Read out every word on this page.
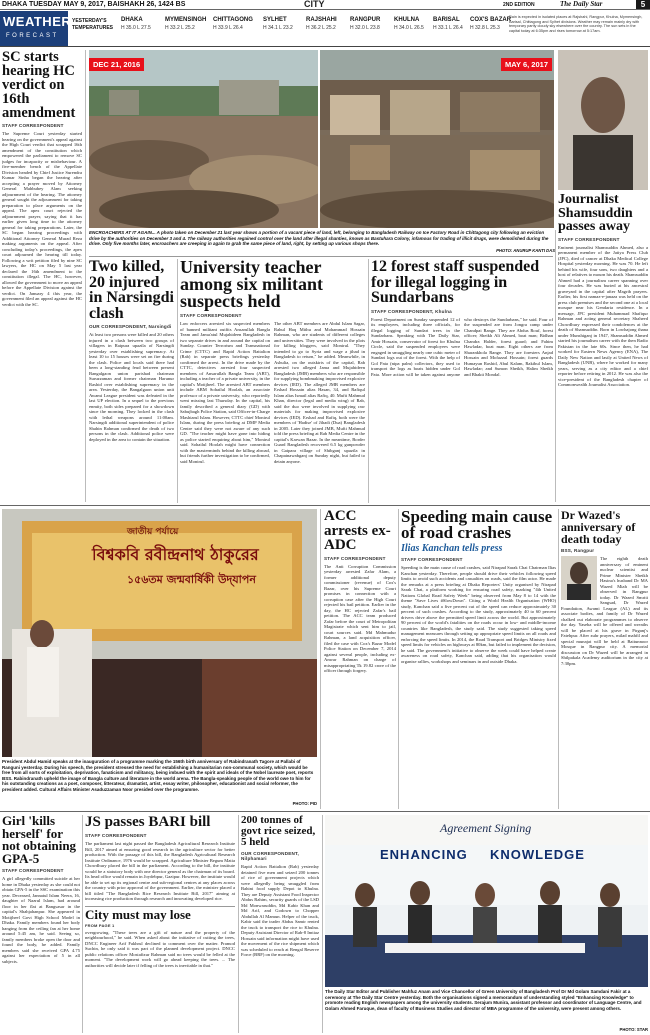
DHAKA TUESDAY MAY 9, 2017, BAISHAKH 26, 1424 BS	CITY	2ND EDITION	The Daily Star	5
WEATHER
FORECAST
YESTERDAY'S
TEMPERATURES
DHAKA
H 35.0 L 27.5
MYMENSINGH
H 33.2 L 25.2
CHITTAGONG
H 33.9 L 26.4
SYLHET
H 34.1 L 23.2
RAJSHAHI
H 36.2 L 25.2
RANGPUR
H 32.0 L 23.8
KHULNA
H 34.0 L 26.5
BARISAL
H 33.1 L 26.4
COX'S BAZAR
H 32.8 L 25.3
Rain is expected in isolated places at Rajshahi, Rangpur, Khulna, Mymensingh, Barisal, Chittagong and Sylhet divisions. Weather may remain mainly dry with temporary partly cloudy sky elsewhere over the country. The sun sets in the capital today at 6:35pm and rises tomorrow at 5:17am.
SC starts hearing HC verdict on 16th amendment
STAFF CORRESPONDENT
The Supreme Court yesterday started hearing on the government's appeal against the High Court verdict that scrapped 16th amendment of the constitution which empowered the parliament to remove SC judges for incapacity or misbehaviour. A five-member bench of the Appellate Division headed by Chief Justice Surendra Kumar Sinha began the hearing after accepting a prayer moved by Attorney General Mahbubey Alam seeking adjournment of the hearing. The attorney general sought the adjournment for taking preparation to place arguments on the appeal. The apex court rejected the adjournment prayer, saying that it has earlier given long time to the attorney general for taking preparations. Later, the SC began hearing proceedings with Additional Attorney General Murad Reza making arguments on the appeal. After concluding today's proceedings, the apex court adjourned the hearing till today. Following a writ petition filed by nine SC lawyers, the HC on May 5 last year declared the 16th amendment to the constitution illegal. The HC, however, allowed the government to move an appeal before the Appellate Division against the verdict. On January 4 this year, the government filed an appeal against the HC verdict with the SC.
DEC 21, 2016	MAY 6, 2017
ENCROACHERS AT IT AGAIN... A photo taken on December 21 last year shows a portion of a vacant piece of land, left, belonging to Bangladesh Railway on Ice Factory Road in Chittagong city following an eviction drive by the authorities on December 3 and 4. The railway authorities regained control over the land after illegal shanties, known as Bastuhara Colony, infamous for trading of illicit drugs, were demolished during the drive. Only five months later, encroachers are creeping in again to grab the same piece of land, right, by setting up various shops there.
PHOTO: ANURUP KANTI DAS
Journalist Shamsuddin passes away
STAFF CORRESPONDENT
Eminent journalist Shamsuddin Ahmed, also a permanent member of the Jatiya Press Club (JPC), died of cancer at Dhaka Medical College Hospital yesterday morning. He was 70. He left behind his wife, four sons, two daughters and a host of relatives to mourn his death. Shamsuddin Ahmed had a journalism career spanning over four decades. He was buried at his ancestral graveyard in the capital after Magrib prayers. Earlier, his first namaz-e-janaza was held on the press club premises and the second one at a local mosque near his Gendaria residence. In a message, JPC president Muhammad Shafiqur Rahman and acting general secretary Shaheed Chowdhury expressed their condolences at the death of Shamsuddin. Born in Lowhajong thana under Munshiganj in 1947, Shamsuddin Ahmed started his journalism career with the then Radio Pakistan in the late 60s. Since then, he had worked for Eastern News Agency (ENA), The Daily New Nation and lastly at United News of Bangladesh (UNB), where he worked for many years, serving as a city editor and a chief reporter before retiring in 2012. He was also the vice-president of the Bangladesh chapter of Commonwealth Journalist Association.
Two killed, 20 injured in Narsingdi clash
OUR CORRESPONDENT, Narsingdi
At least two persons were killed and 20 others injured in a clash between two groups of villagers in Raipura upazila of Narsingdi yesterday over establishing supremacy. At least 10 to 15 houses were set on fire during the clash. Police and locals said there had been a long-standing feud between present Bangalgaon union parishad chairman Suruzzaman and former chairman Harunur Rashid over establishing supremacy in the area. Yesterday, the Bangalgaon union unit Awami League president was defeated in the last UP election. In a sequel to the previous enmity, both sides prepared for a showdown since the morning. They locked in the clash with lethal weapons around 11:00am. Narsingdi additional superintendent of police Shahin Rahman confirmed the death of two persons in the clash. Additional police were deployed in the area to contain the situation.
University teacher among six militant suspects held
STAFF CORRESPONDENT
Law enforcers arrested six suspected members of banned militant outfits Ansarullah Bangla Team and Jama'atul Mujahideen Bangladesh in two separate drives in and around the capital on Sunday. Counter Terrorism and Transnational Crime (CTTC) and Rapid Action Battalion (Rab) in separate press briefings yesterday confirmed the arrest. In the drive made by the CTTC, detectives arrested four suspected members of Ansarullah Bangla Team (ABT), including a teacher of a private university, in the capital's Motijheel. The arrested ABT members include ABM Sohailul Hoolah, an associate professor of a private university, who reportedly went missing last Thursday. In the capital, his family described a general diary (GD) with Sabujbagh Police Station, said Officer-in-Charge Mashiarul Islam. However, CTTC chief Monirul Islam, during the press briefing at DMP Media Centre said they were not aware of any such GD. "The teacher might have gone into hiding as police started enquiring about him," Monirul said. Sohailul Hoolah might have connection with the masterminds behind the killing abroad, but friends further investigation to be confirmed, said Monirul.
The other ABT members are Abdul Islam Sagar, Rahul Haq Mithu and Mohammad Hossain Rahman, who are students of different colleges and universities. They were involved in the plots for killing bloggers, said Monirul. "They intended to go to Syria and wage a jihad in Bangladesh to return," he added. Meanwhile, in Ashulia, on the outskirts of the capital, Rab arrested two alleged Jama and Mujahideen Bangladesh (JMB) members who are responsible for supplying bombmaking improvised explosive devices (IED). The alleged JMB members are Ershad Hossain alias Hasan, 34, and Rafiqul Islam alias Ismail alias Rafiq, 40. Mufti Mahmud Khan, director (legal and media wing) of Rab, said the duo were involved in supplying raw materials for making improvised explosive devices (IED). Ershad and Rafiq, both were the members of 'Hadise' of Jihadi (Dua) Bangladesh in 2005. Later they joined JMB, Mufti Mahmud told the press briefing at Rab Media Centre in the capital's Karwan Bazar. In the meantime, Border Guard Bangladesh recovered 6.5 kg gunpowder in Gaipara village of Shibganj upazila in Chapainawabganj on Sunday night, but failed to detain anyone.
12 forest staff suspended for illegal logging in Sundarbans
STAFF CORRESPONDENT, Khulna
Forest Department on Sunday suspended 12 of its employees, including three officials, for illegal logging of Sundari trees in the Sundarbans. Speaking with The Daily Star, Amir Hossain, conservator of forest for Khulna Circle, said the suspended employees were engaged in smuggling nearly one cubic meter of Sundari logs out of the forest. With the help of Gol Pata (nipa palm) collectors, they used to transport the logs as boats hidden under Gol Pata. More action will be taken against anyone who destroys the Sundarbans," he said. Four of the suspended are from Jongra camp under Chandpai Range. They are Abdus Rouf, forest officer; Sheikh Ali Ahmed, boat man; Bidhan Chandra Halder, forest guard; and Fahim Hawladar, boat man. Eight others are from Sharankhola Range. They are foresters Anjad Hossain and Mofazzal Hossain; forest guards Humayun Rashid, Abul Kalam, Rakibul Islam, Hawladar; and Sumon Sheikh, Halim Sheikh and Bhakti Mondal.
জাতীয় পর্যায়ে
বিশ্বকবি রবীন্দ্রনাথ ঠাকুরের
১৫৬তম জন্মবার্ষিকী উদ্‌যাপন
President Abdul Hamid speaks at the inauguration of a programme marking the 156th birth anniversary of Rabindranath Tagore at Pallabi of Ranguni yesterday. During his speech, the president stressed the need for establishing a humanitarian non-communal society, which would be free from all sorts of exploitation, deprivation, fanaticism and militancy, being imbued with the spirit and ideals of the Nobel laureate poet, reports BSS. Rabindranath upheld the image of Bangla culture and literature in the world arena. The Bangla-speaking people of the world owe to him for his outstanding creations as a poet, composer, litterateur, dramatist, artist, essay writer, philosopher, educationist and social reformer, the president added. Cultural Affairs Minister Asaduzzaman Noor presided over the programme.
PHOTO: PID
ACC arrests ex-ADC
STAFF CORRESPONDENT
The Anti Corruption Commission yesterday arrested Zafar Alam, a former additional deputy commissioner (revenue) of Cox's Bazar, over his Supreme Court promises in connection with a corruption case after the High Court rejected his bail petition. Earlier in the day, the HC rejected Zafar's bail petition. The ACC team produced Zafar before the court of Metropolitan Magistrate which sent him to jail, court sources said. Md Mahmudur Rahman, a land acquisition officer, filed the case with Cox's Bazar Model Police Station on December 7, 2014 against several people, including ex-Anwar Rahman on charge of misappropriating Tk 19.82 crore of the officer through forgery.
Speeding main cause of road crashes
Ilias Kanchan tells press
STAFF CORRESPONDENT
Speeding is the main cause of road crashes, said Nirapad Sarak Chai Chairman Ilias Kanchan yesterday. Therefore, people should drive their vehicles following speed limits to avoid such accidents and casualties on roads, said the film actor. He made the remarks at a press briefing at Dhaka Reporters' Unity organised by Nirapad Sarak Chai, a platform working for ensuring road safety, marking "4th United Nations Global Road Safety Week" being observed from May 8 to 14 with the theme "Save Lives #SlowDown". Citing a World Health Organisation (WHO) study, Kanchan said a five percent cut of the speed can reduce approximately 30 percent of such crashes. According to the study, approximately 40 to 60 percent drivers drive above the permitted speed limit across the world. But approximately 90 percent of the world's fatalities on the roads occur in low- and middle-income countries like Bangladesh, the study said. The study suggested taking speed management measures through setting up appropriate speed limits on all roads and enforcing the speed limits. In 2014, the Road Transport and Bridges Ministry fixed speed limits for vehicles on highways at 80km, but failed to implement the decision, he said. The government's initiative to observe the week could have helped create awareness on road safety, Kanchan said, adding that his organisation would organise rallies, workshops and seminars in and outside Dhaka.
Dr Wazed's anniversary of death today
BSS, Rangpur
The eighth death anniversary of eminent nuclear scientist and Prime Minister Sheikh Hasina's husband Dr MA Wazed Miah will be observed in Rangpur today. Dr Wazed Smriti Sangsad, Dr Wazed Foundation, Awami League (AL) and its associate bodies, and family of Dr Wazed chalked out elaborate programmes to observe the day. Yaseba will be offered and wreaths will be placed at his grave in Pirganj's Fatehpur. After zuhr prayers, milad mahfil and special munajat will be held at Baitunnoor Mosque in Rangpur city. A memorial discussion on Dr Wazed will be arranged in Shilpakala Academy auditorium in the city at 7:30pm.
Girl 'kills herself' for not obtaining GPA-5
STAFF CORRESPONDENT
A girl allegedly committed suicide at her home in Dhaka yesterday as she could not obtain GPA-5 in the SSC examination this year. Deceased, Jannatul Islam Neera, 16, daughter of Nazrul Islam, had around floor in her flat at Bangsasar in the capital's Shahjahanpur. She appeared in Motijheel Govt High School Model in Dhaka. Family members found her body hanging from the ceiling fan at her home around 5:45 am, he said. Seeing so, family members broke open the door and found the body, he added. Family members said she received GPA 4.75 against her expectation of 5 in all subjects.
JS passes BARI bill
STAFF CORRESPONDENT
The parliament last night passed the Bangladesh Agricultural Research Institute Bill, 2017 aimed at ensuring good research in the agriculture sector for better production. With the passage of this bill, the Bangladesh Agricultural Research Institute Ordinance, 1976 would be scrapped. Agriculture Minister Begum Matia Chowdhury placed the bill in the parliament. According to the bill, the institute would be a statutory body with one director general as the chairman of its board. Its head office would remain in Joydebpur, Gazipur. However, the institute would be able to set up its regional centre and sub-regional centres at any places across the country with prior approval of the government. Earlier, the minister placed a bill titled "The Bangladesh Rice Research Institute Bill, 2017" aiming at increasing rice production through research and innovating developed rice.
City must may lose
FROM PAGE 1
overgrowing. "These trees are a gift of nature and the property of the neighbourhood," he said. When asked about the initiative of cutting the trees, DNCC Engineer Arif Fakhrul declined to comment over the matter. Pramod Suchin, he only said it was part of the planned development project. DNCC public relations officer Mostafizur Rahman said no trees would be felled at the moment. "The development work will go ahead keeping the trees. ... The authorities will decide later if felling of the trees is inevitable in that."
200 tonnes of govt rice seized, 5 held
OUR CORRESPONDENT, Nilphamari
Rapid Action Battalion (Rab) yesterday detained five men and seized 200 tonnes of rice of government projects which were allegedly being smuggled from Bahini food supply Depot to Khulna. They are Deputy Assistant Food Inspector Abdus Rahim, security guards of the LSD Md Monwaruddin, Md Kabir Khan and Md Arif, and Godown to Chopper Abdullah Al Mamun. Helper of the truck, Kabir said the trader Abdus Samir rented the truck to transport the rice to Khulna. Deputy Assistant Director of Rab-8 Imtiaz Hossain said information might have used the movement of the rice shipment which was scheduled to reach at Bengal Reserve Force (BRF) on the morning.
Agreement Signing
ENHANCING KNOWLEDGE
The Daily Star Editor and Publisher Mahfuz Anam and Vice Chancellor of Green University of Bangladesh Prof Dr Md Golam Samdani Fakir at a ceremony at The Daily Star Centre yesterday. Both the organisations signed a memorandum of understanding styled "Enhancing Knowledge" to promote reading English newspapers among the university students. Serajum Munira, assistant professor and coordinator of Language Centre, and Golam Ahmed Faruque, dean of faculty of Business Studies and director of MBA programme of the university, were present among others.
PHOTO: STAR
